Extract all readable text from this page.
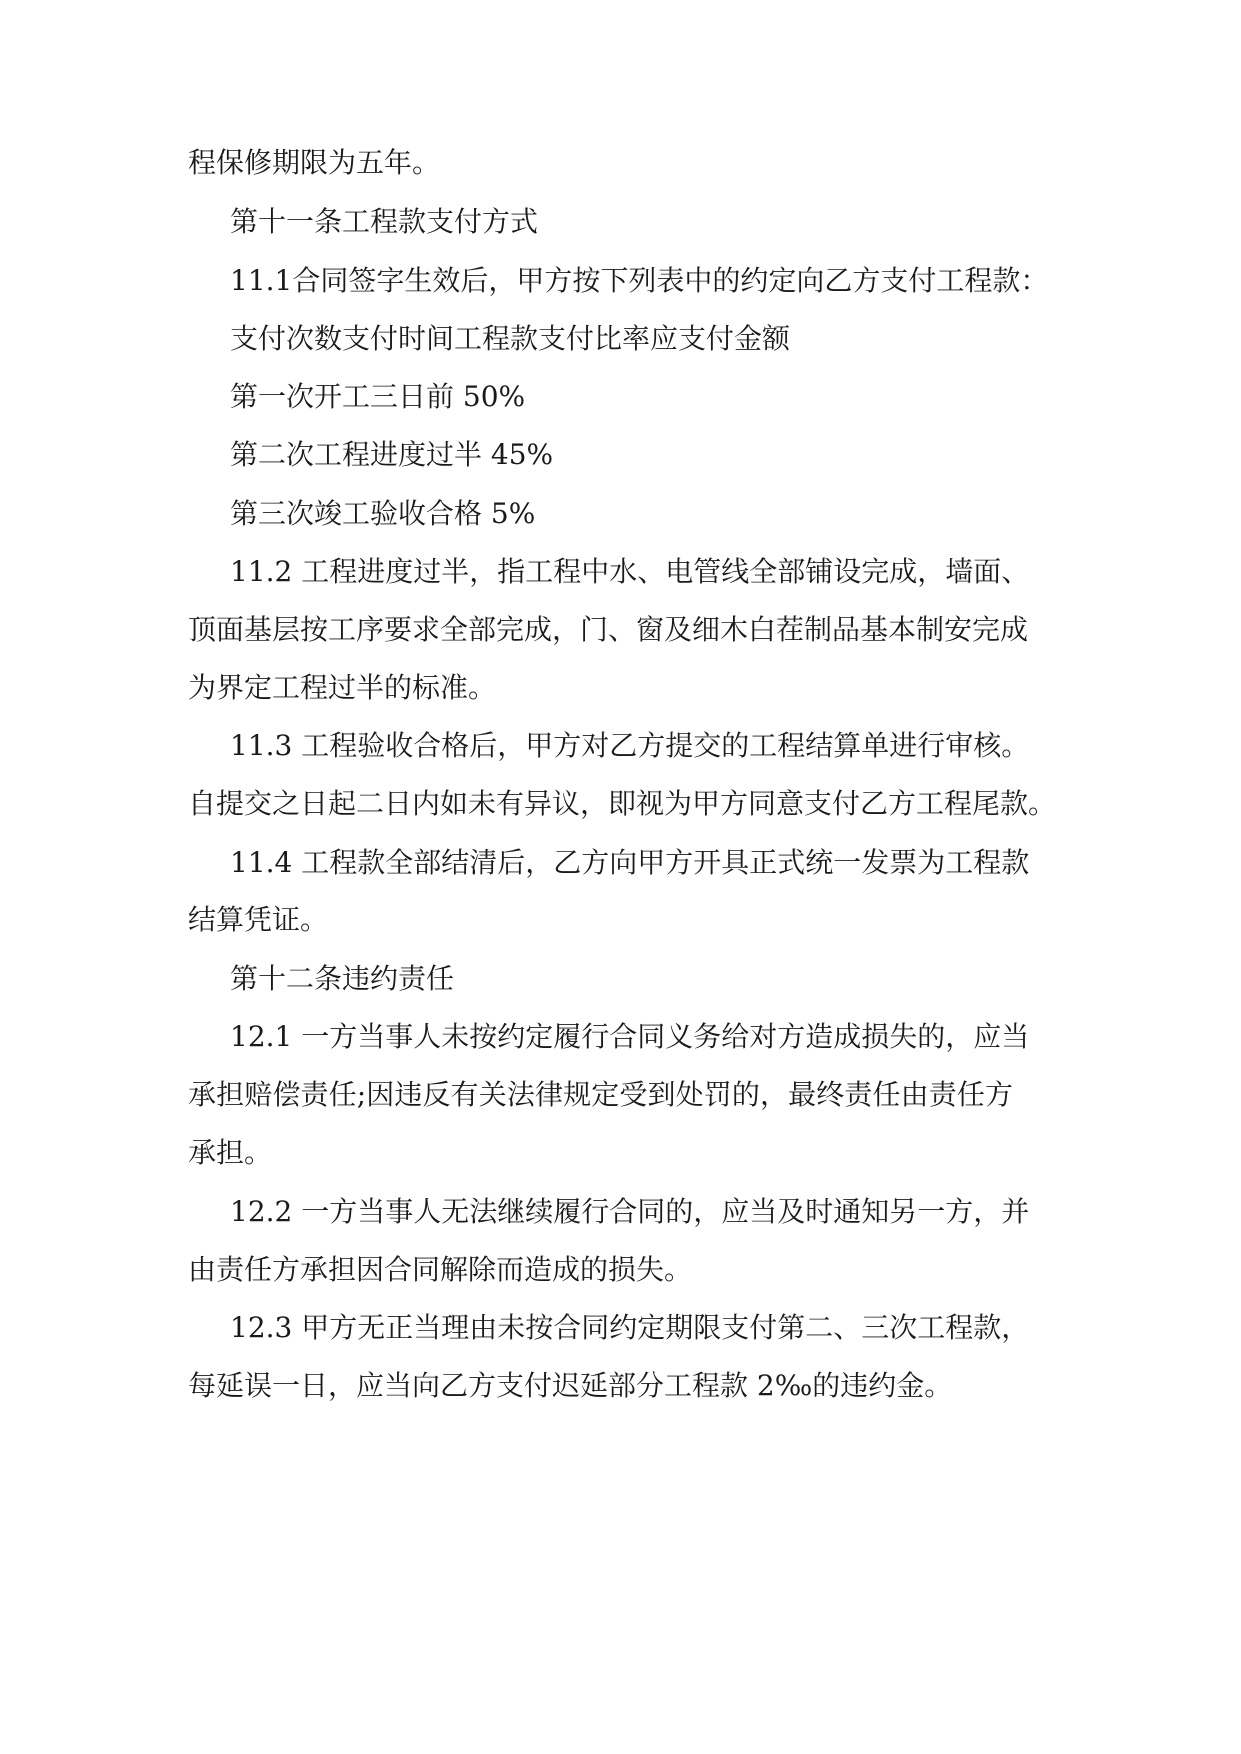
程保修期限为五年。
第十一条工程款支付方式
11.1合同签字生效后，甲方按下列表中的约定向乙方支付工程款：
支付次数支付时间工程款支付比率应支付金额
第一次开工三日前 50%
第二次工程进度过半 45%
第三次竣工验收合格 5%
11.2 工程进度过半，指工程中水、电管线全部铺设完成，墙面、
顶面基层按工序要求全部完成，门、窗及细木白茬制品基本制安完成
为界定工程过半的标准。
11.3 工程验收合格后，甲方对乙方提交的工程结算单进行审核。
自提交之日起二日内如未有异议，即视为甲方同意支付乙方工程尾款。
11.4 工程款全部结清后，乙方向甲方开具正式统一发票为工程款
结算凭证。
第十二条违约责任
12.1 一方当事人未按约定履行合同义务给对方造成损失的，应当
承担赔偿责任;因违反有关法律规定受到处罚的，最终责任由责任方
承担。
12.2 一方当事人无法继续履行合同的，应当及时通知另一方，并
由责任方承担因合同解除而造成的损失。
12.3 甲方无正当理由未按合同约定期限支付第二、三次工程款，
每延误一日，应当向乙方支付迟延部分工程款 2‰的违约金。
